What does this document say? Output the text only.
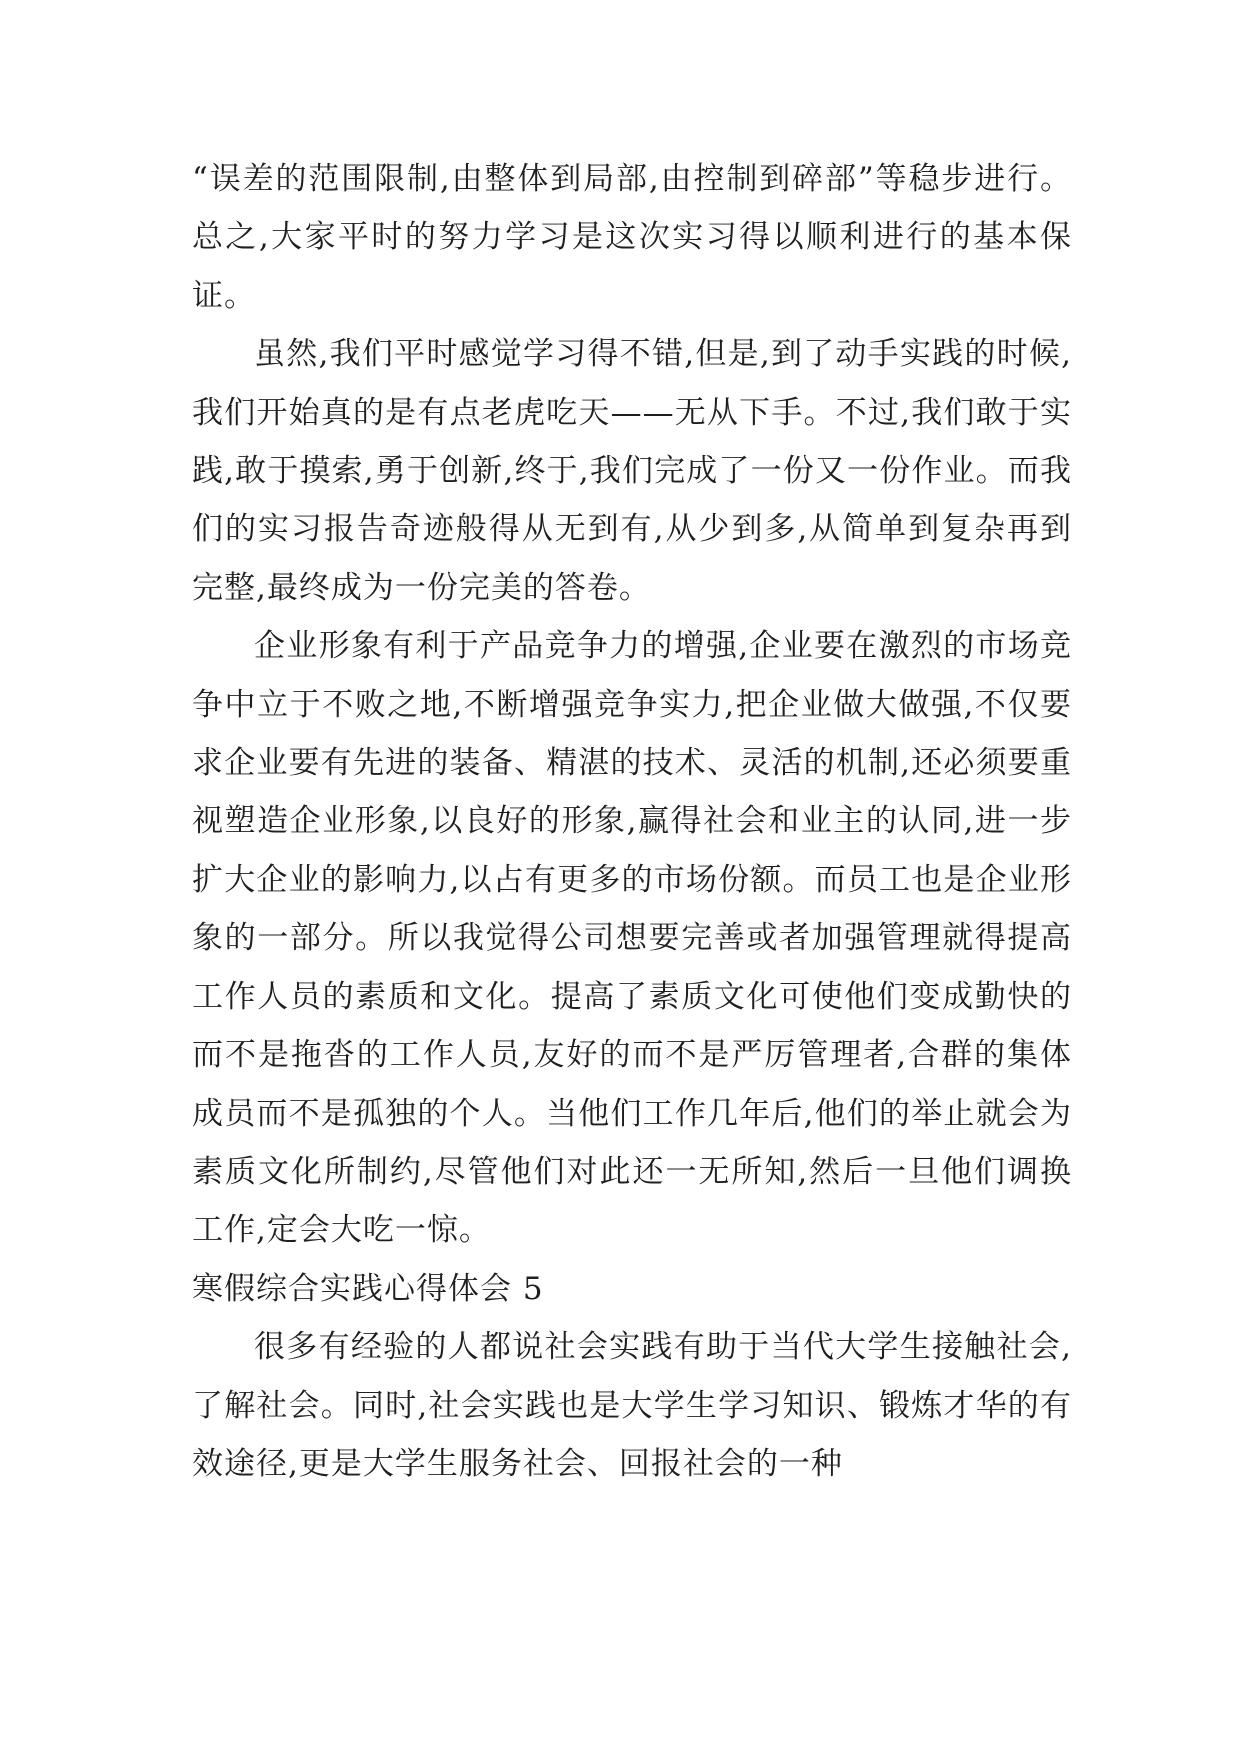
“误差的范围限制,由整体到局部,由控制到碎部”等稳步进行。总之,大家平时的努力学习是这次实习得以顺利进行的基本保证。

虽然,我们平时感觉学习得不错,但是,到了动手实践的时候,我们开始真的是有点老虎吃天——无从下手。不过,我们敢于实践,敢于摸索,勇于创新,终于,我们完成了一份又一份作业。而我们的实习报告奇迹般得从无到有,从少到多,从简单到复杂再到完整,最终成为一份完美的答卷。

企业形象有利于产品竞争力的增强,企业要在激烈的市场竞争中立于不败之地,不断增强竞争实力,把企业做大做强,不仅要求企业要有先进的装备、精湛的技术、灵活的机制,还必须要重视塑造企业形象,以良好的形象,赢得社会和业主的认同,进一步扩大企业的影响力,以占有更多的市场份额。而员工也是企业形象的一部分。所以我觉得公司想要完善或者加强管理就得提高工作人员的素质和文化。提高了素质文化可使他们变成勤快的而不是拖沓的工作人员,友好的而不是严厉管理者,合群的集体成员而不是孤独的个人。当他们工作几年后,他们的举止就会为素质文化所制约,尽管他们对此还一无所知,然后一旦他们调换工作,定会大吃一惊。

寒假综合实践心得体会 5

很多有经验的人都说社会实践有助于当代大学生接触社会,了解社会。同时,社会实践也是大学生学习知识、锻炼才华的有效途径,更是大学生服务社会、回报社会的一种
